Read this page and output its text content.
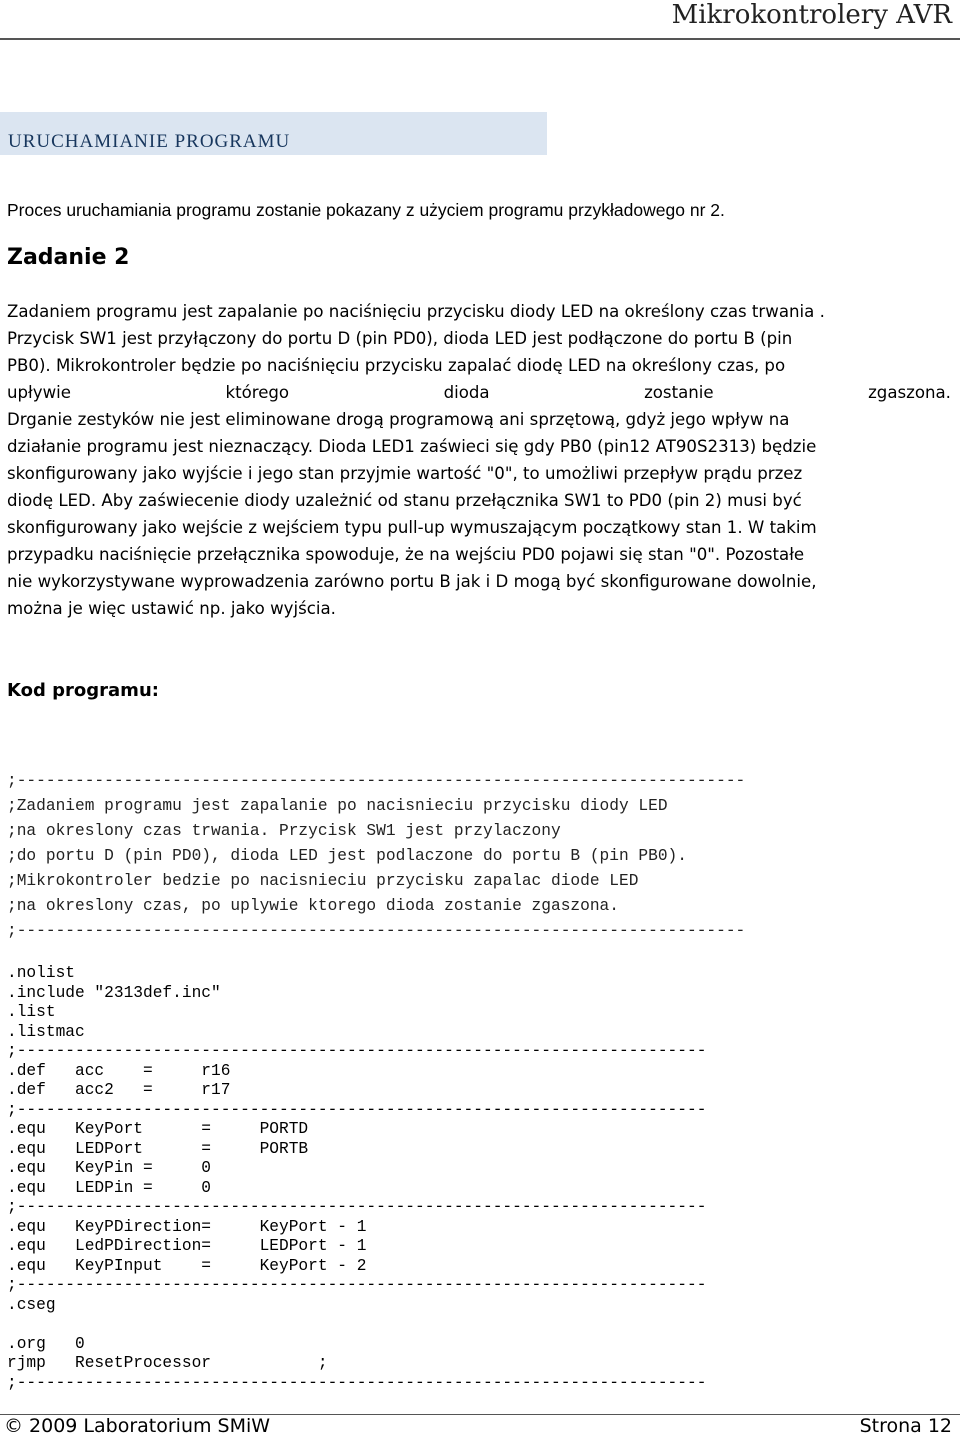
Mikrokontrolery AVR
URUCHAMIANIE PROGRAMU
Proces uruchamiania programu zostanie pokazany z użyciem programu przykładowego nr 2.
Zadanie 2
Zadaniem programu jest zapalanie po naciśnięciu przycisku diody LED na określony czas trwania .
Przycisk SW1 jest przyłączony do portu D (pin PD0), dioda LED jest podłączone do portu B (pin
PB0). Mikrokontroler będzie po naciśnięciu przycisku zapalać diodę LED na określony czas, po
upływie	którego	dioda	zostanie	zgaszona.
Drganie zestyków nie jest eliminowane drogą programową ani sprzętową, gdyż jego wpływ na
działanie programu jest nieznaczący. Dioda LED1 zaświeci się gdy PB0 (pin12 AT90S2313) będzie
skonfigurowany jako wyjście i jego stan przyjmie wartość "0", to umożliwi przepływ prądu przez
diodę LED. Aby zaświecenie diody uzależnić od stanu przełącznika SW1 to PD0 (pin 2) musi być
skonfigurowany jako wejście z wejściem typu pull-up wymuszającym początkowy stan 1. W takim
przypadku naciśnięcie przełącznika spowoduje, że na wejściu PD0 pojawi się stan "0". Pozostałe
nie wykorzystywane wyprowadzenia zarówno portu B jak i D mogą być skonfigurowane dowolnie,
można je więc ustawić np. jako wyjścia.
Kod programu:
;---------------------------------------------------------------------------
;Zadaniem programu jest zapalanie po nacisnieciu przycisku diody LED
;na okreslony czas trwania. Przycisk SW1 jest przylaczony
;do portu D (pin PD0), dioda LED jest podlaczone do portu B (pin PB0).
;Mikrokontroler bedzie po nacisnieciu przycisku zapalac diode LED
;na okreslony czas, po uplywie ktorego dioda zostanie zgaszona.
;---------------------------------------------------------------------------
.nolist
.include "2313def.inc"
.list
.listmac
;-----------------------------------------------------------------------
.def   acc    =     r16
.def   acc2   =     r17
;-----------------------------------------------------------------------
.equ   KeyPort      =     PORTD
.equ   LEDPort      =     PORTB
.equ   KeyPin =     0
.equ   LEDPin =     0
;-----------------------------------------------------------------------
.equ   KeyPDirection=     KeyPort - 1
.equ   LedPDirection=     LEDPort - 1
.equ   KeyPInput    =     KeyPort - 2
;-----------------------------------------------------------------------
.cseg
.org   0
rjmp   ResetProcessor           ;
;-----------------------------------------------------------------------
© 2009 Laboratorium SMiW	Strona 12
